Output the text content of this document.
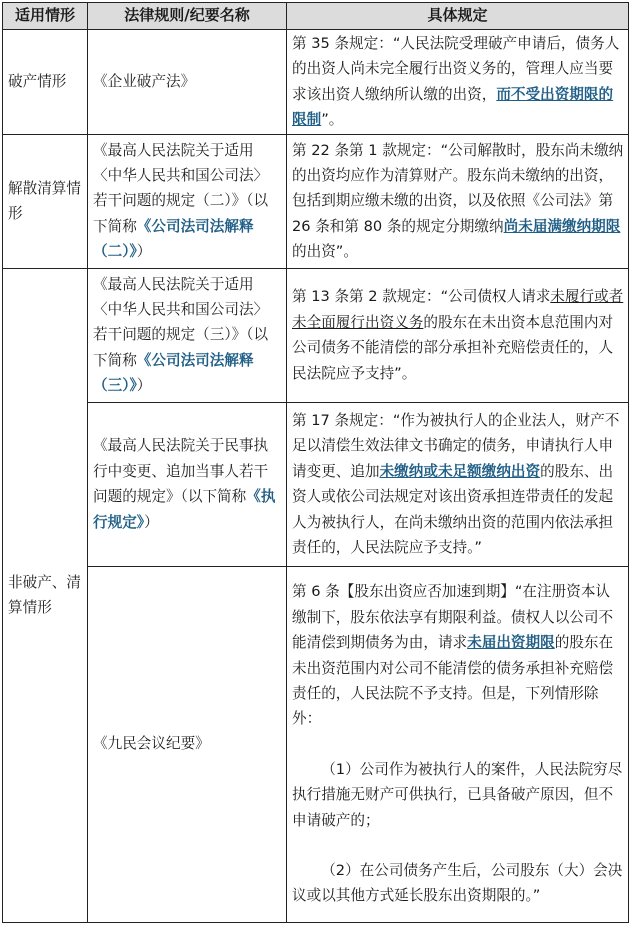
适用情形	法律规则/纪要名称	具体规定
破产情形	《企业破产法》	第 35 条规定：“人民法院受理破产申请后，债务人的出资人尚未完全履行出资义务的，管理人应当要求该出资人缴纳所认缴的出资，而不受出资期限的限制”。
解散清算情形	《最高人民法院关于适用〈中华人民共和国公司法〉若干问题的规定（二）》（以下简称《公司法司法解释（二）》）	第 22 条第 1 款规定：“公司解散时，股东尚未缴纳的出资均应作为清算财产。股东尚未缴纳的出资，包括到期应缴未缴的出资，以及依照《公司法》第 26 条和第 80 条的规定分期缴纳尚未届满缴纳期限的出资”。
非破产、清算情形	《最高人民法院关于适用〈中华人民共和国公司法〉若干问题的规定（三）》（以下简称《公司法司法解释（三）》）	第 13 条第 2 款规定：“公司债权人请求未履行或者未全面履行出资义务的股东在未出资本息范围内对公司债务不能清偿的部分承担补充赔偿责任的，人民法院应予支持”。
	《最高人民法院关于民事执行中变更、追加当事人若干问题的规定》（以下简称《执行规定》）	第 17 条规定：“作为被执行人的企业法人，财产不足以清偿生效法律文书确定的债务，申请执行人申请变更、追加未缴纳或未足额缴纳出资的股东、出资人或依公司法规定对该出资承担连带责任的发起人为被执行人，在尚未缴纳出资的范围内依法承担责任的，人民法院应予支持。”
	《九民会议纪要》	第 6 条【股东出资应否加速到期】“在注册资本认缴制下，股东依法享有期限利益。债权人以公司不能清偿到期债务为由，请求未届出资期限的股东在未出资范围内对公司不能清偿的债务承担补充赔偿责任的，人民法院不予支持。但是，下列情形除外：
（1）公司作为被执行人的案件，人民法院穷尽执行措施无财产可供执行，已具备破产原因，但不申请破产的；
（2）在公司债务产生后，公司股东（大）会决议或以其他方式延长股东出资期限的。”
